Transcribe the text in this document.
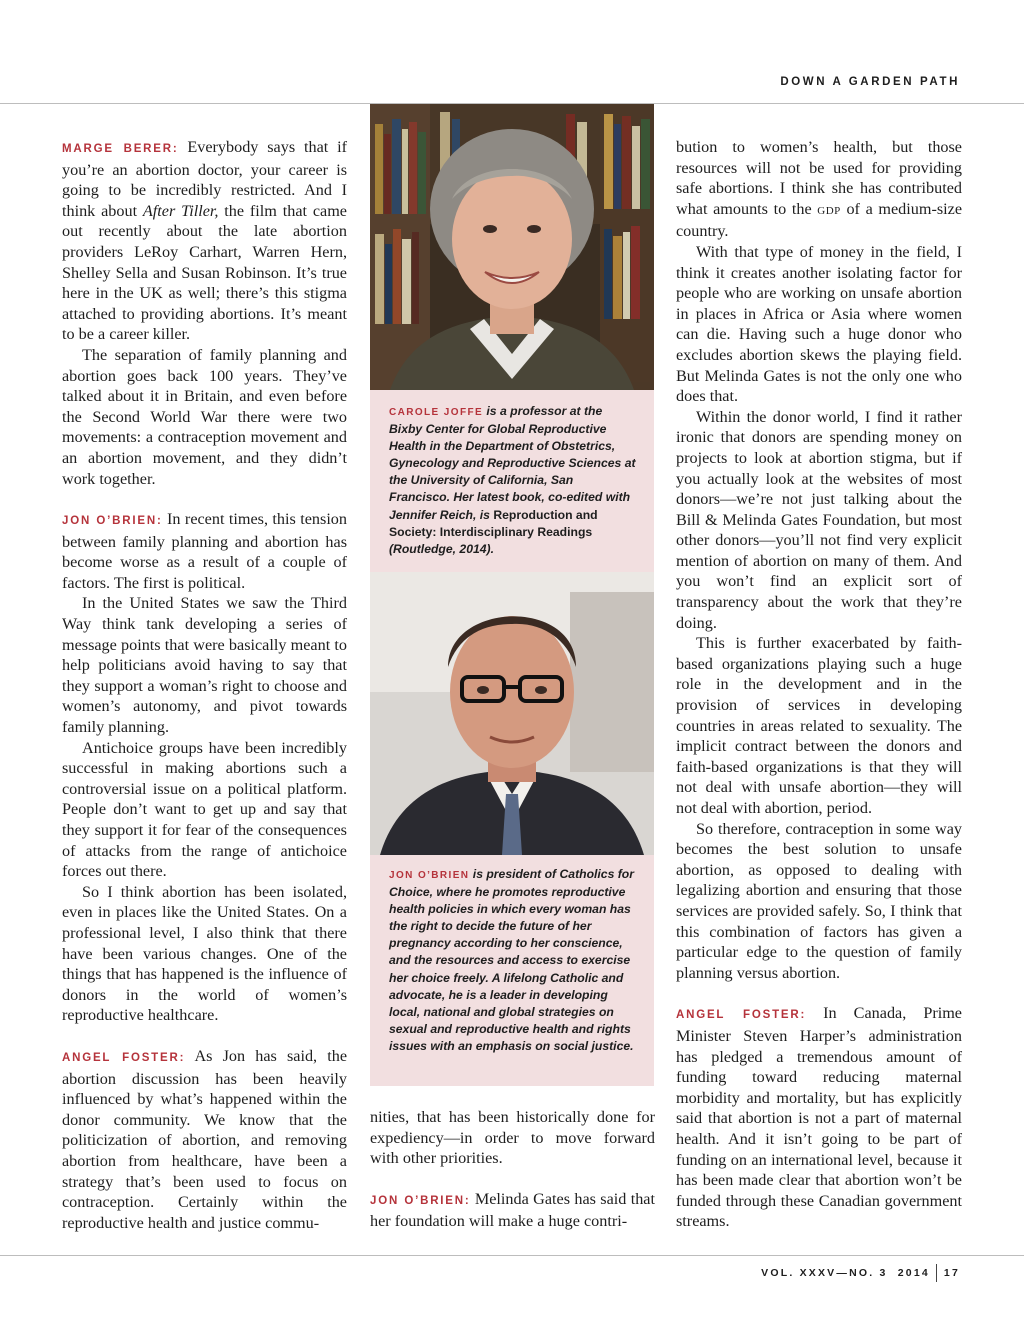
DOWN A GARDEN PATH

MARGE BERER: Everybody says that if you’re an abortion doctor, your career is going to be incredibly restricted. And I think about After Tiller, the film that came out recently about the late abortion providers LeRoy Carhart, Warren Hern, Shelley Sella and Susan Robinson. It’s true here in the UK as well; there’s this stigma attached to providing abortions. It’s meant to be a career killer.

The separation of family planning and abortion goes back 100 years. They’ve talked about it in Britain, and even before the Second World War there were two movements: a contraception movement and an abortion movement, and they didn’t work together.

JON O’BRIEN: In recent times, this tension between family planning and abortion has become worse as a result of a couple of factors. The first is political.

In the United States we saw the Third Way think tank developing a series of message points that were basically meant to help politicians avoid having to say that they support a woman’s right to choose and women’s autonomy, and pivot towards family planning.

Antichoice groups have been incredibly successful in making abortions such a controversial issue on a political platform. People don’t want to get up and say that they support it for fear of the consequences of attacks from the range of antichoice forces out there.

So I think abortion has been isolated, even in places like the United States. On a professional level, I also think that there have been various changes. One of the things that has happened is the influence of donors in the world of women’s reproductive healthcare.

ANGEL FOSTER: As Jon has said, the abortion discussion has been heavily influenced by what’s happened within the donor community. We know that the politicization of abortion, and removing abortion from healthcare, have been a strategy that’s been used to focus on contraception. Certainly within the reproductive health and justice commu-

CAROLE JOFFE is a professor at the Bixby Center for Global Reproductive Health in the Department of Obstetrics, Gynecology and Reproductive Sciences at the University of California, San Francisco. Her latest book, co-edited with Jennifer Reich, is Reproduction and Society: Interdisciplinary Readings (Routledge, 2014).
JON O’BRIEN is president of Catholics for Choice, where he promotes reproductive health policies in which every woman has the right to decide the future of her pregnancy according to her conscience, and the resources and access to exercise her choice freely. A lifelong Catholic and advocate, he is a leader in developing local, national and global strategies on sexual and reproductive health and rights issues with an emphasis on social justice.

nities, that has been historically done for expediency—in order to move forward with other priorities.

JON O’BRIEN: Melinda Gates has said that her foundation will make a huge contri-

bution to women’s health, but those resources will not be used for providing safe abortions. I think she has contributed what amounts to the GDP of a medium-size country.

With that type of money in the field, I think it creates another isolating factor for people who are working on unsafe abortion in places in Africa or Asia where women can die. Having such a huge donor who excludes abortion skews the playing field. But Melinda Gates is not the only one who does that.

Within the donor world, I find it rather ironic that donors are spending money on projects to look at abortion stigma, but if you actually look at the websites of most donors—we’re not just talking about the Bill & Melinda Gates Foundation, but most other donors—you’ll not find very explicit mention of abortion on many of them. And you won’t find an explicit sort of transparency about the work that they’re doing.

This is further exacerbated by faith-based organizations playing such a huge role in the development and in the provision of services in developing countries in areas related to sexuality. The implicit contract between the donors and faith-based organizations is that they will not deal with unsafe abortion—they will not deal with abortion, period.

So therefore, contraception in some way becomes the best solution to unsafe abortion, as opposed to dealing with legalizing abortion and ensuring that those services are provided safely. So, I think that this combination of factors has given a particular edge to the question of family planning versus abortion.

ANGEL FOSTER: In Canada, Prime Minister Steven Harper’s administration has pledged a tremendous amount of funding toward reducing maternal morbidity and mortality, but has explicitly said that abortion is not a part of maternal health. And it isn’t going to be part of funding on an international level, because it has been made clear that abortion won’t be funded through these Canadian government streams.

VOL. XXXV—NO. 3  2014 17
